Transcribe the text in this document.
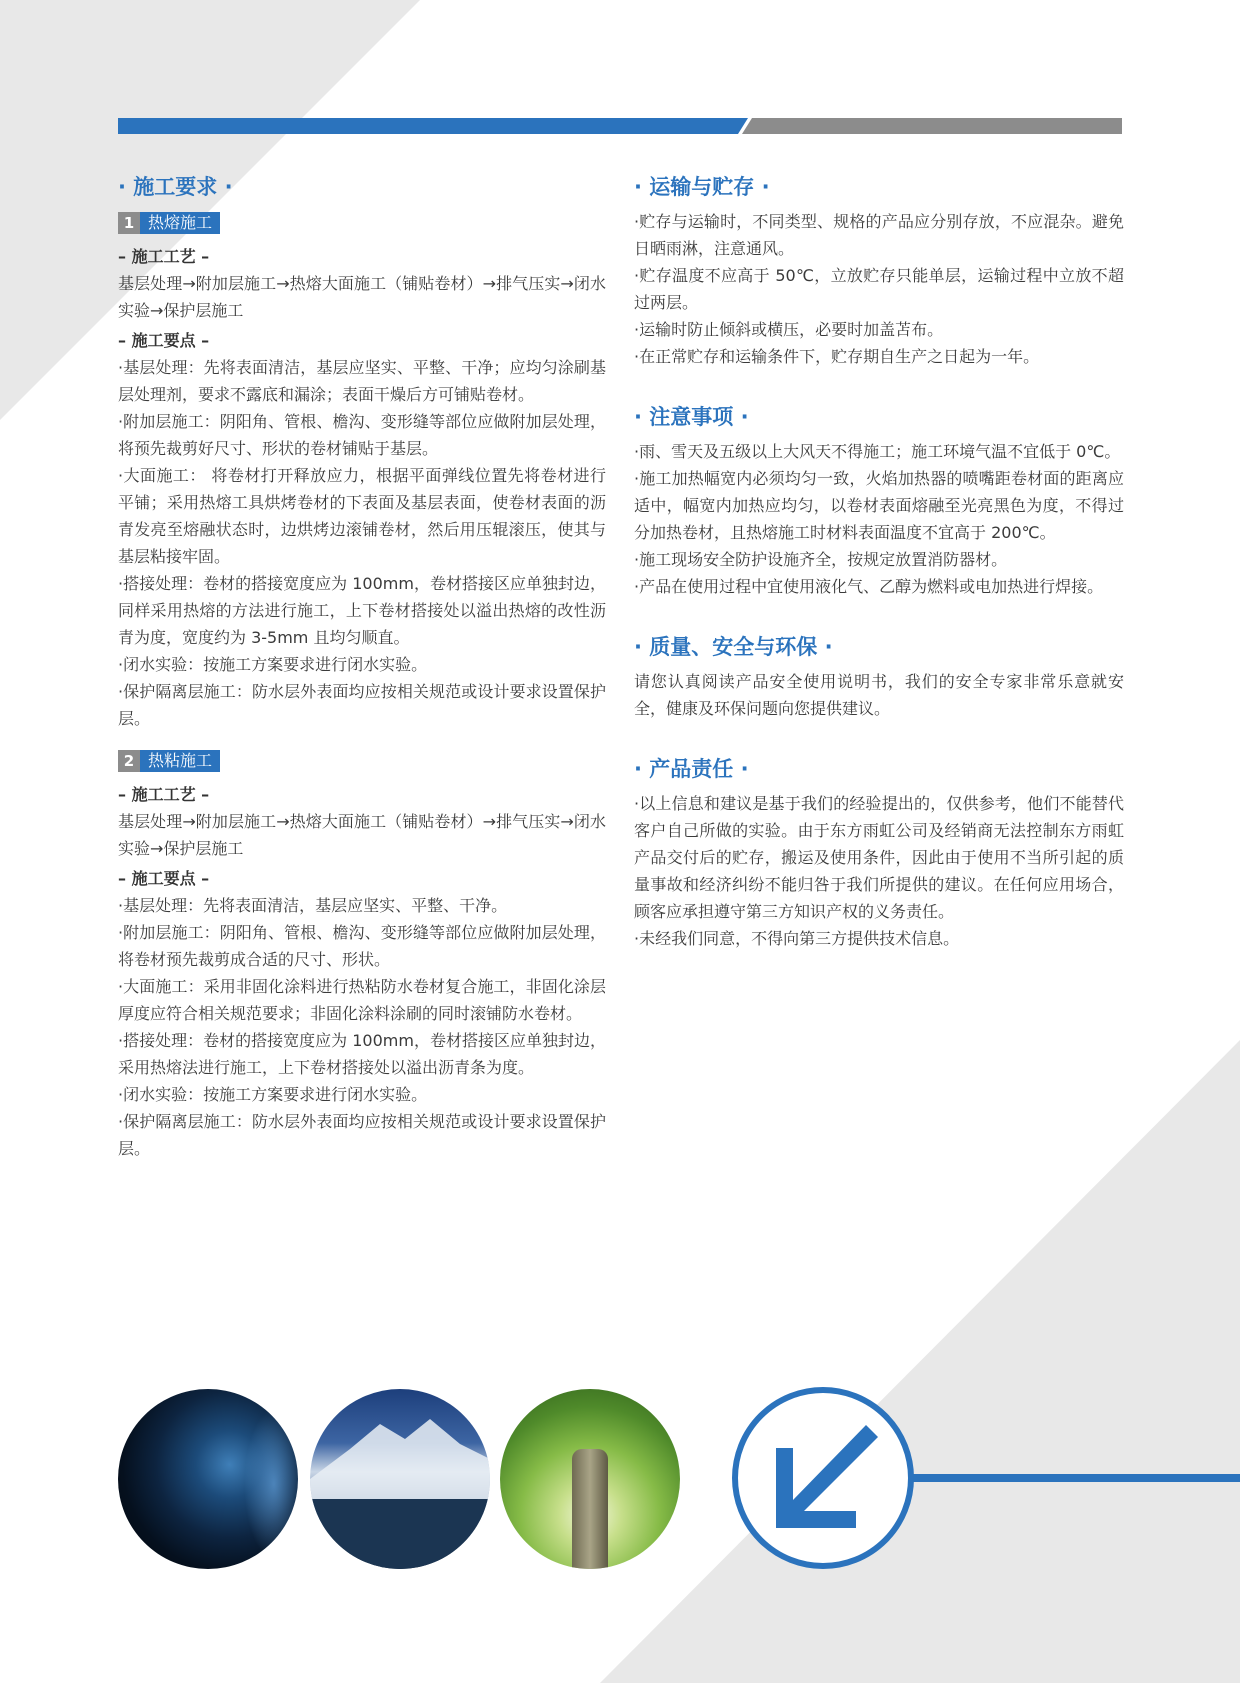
· 施工要求 ·
1 热熔施工
– 施工工艺 –
基层处理→附加层施工→热熔大面施工（铺贴卷材）→排气压实→闭水实验→保护层施工
– 施工要点 –
·基层处理：先将表面清洁，基层应坚实、平整、干净；应均匀涂刷基层处理剂，要求不露底和漏涂；表面干燥后方可铺贴卷材。
·附加层施工：阴阳角、管根、檐沟、变形缝等部位应做附加层处理，将预先裁剪好尺寸、形状的卷材铺贴于基层。
·大面施工： 将卷材打开释放应力，根据平面弹线位置先将卷材进行平铺；采用热熔工具烘烤卷材的下表面及基层表面，使卷材表面的沥青发亮至熔融状态时，边烘烤边滚铺卷材，然后用压辊滚压，使其与基层粘接牢固。
·搭接处理：卷材的搭接宽度应为 100mm，卷材搭接区应单独封边，同样采用热熔的方法进行施工，上下卷材搭接处以溢出热熔的改性沥青为度，宽度约为 3-5mm 且均匀顺直。
·闭水实验：按施工方案要求进行闭水实验。
·保护隔离层施工：防水层外表面均应按相关规范或设计要求设置保护层。
2 热粘施工
– 施工工艺 –
基层处理→附加层施工→热熔大面施工（铺贴卷材）→排气压实→闭水实验→保护层施工
– 施工要点 –
·基层处理：先将表面清洁，基层应坚实、平整、干净。
·附加层施工：阴阳角、管根、檐沟、变形缝等部位应做附加层处理，将卷材预先裁剪成合适的尺寸、形状。
·大面施工：采用非固化涂料进行热粘防水卷材复合施工，非固化涂层厚度应符合相关规范要求；非固化涂料涂刷的同时滚铺防水卷材。
·搭接处理：卷材的搭接宽度应为 100mm，卷材搭接区应单独封边，采用热熔法进行施工，上下卷材搭接处以溢出沥青条为度。
·闭水实验：按施工方案要求进行闭水实验。
·保护隔离层施工：防水层外表面均应按相关规范或设计要求设置保护层。
· 运输与贮存 ·
·贮存与运输时，不同类型、规格的产品应分别存放，不应混杂。避免日晒雨淋，注意通风。
·贮存温度不应高于 50℃，立放贮存只能单层，运输过程中立放不超过两层。
·运输时防止倾斜或横压，必要时加盖苫布。
·在正常贮存和运输条件下，贮存期自生产之日起为一年。
· 注意事项 ·
·雨、雪天及五级以上大风天不得施工；施工环境气温不宜低于 0℃。
·施工加热幅宽内必须均匀一致，火焰加热器的喷嘴距卷材面的距离应适中，幅宽内加热应均匀，以卷材表面熔融至光亮黑色为度，不得过分加热卷材，且热熔施工时材料表面温度不宜高于 200℃。
·施工现场安全防护设施齐全，按规定放置消防器材。
·产品在使用过程中宜使用液化气、乙醇为燃料或电加热进行焊接。
· 质量、安全与环保 ·
请您认真阅读产品安全使用说明书，我们的安全专家非常乐意就安全，健康及环保问题向您提供建议。
· 产品责任 ·
·以上信息和建议是基于我们的经验提出的，仅供参考，他们不能替代客户自己所做的实验。由于东方雨虹公司及经销商无法控制东方雨虹产品交付后的贮存，搬运及使用条件，因此由于使用不当所引起的质量事故和经济纠纷不能归咎于我们所提供的建议。在任何应用场合，顾客应承担遵守第三方知识产权的义务责任。
·未经我们同意，不得向第三方提供技术信息。
